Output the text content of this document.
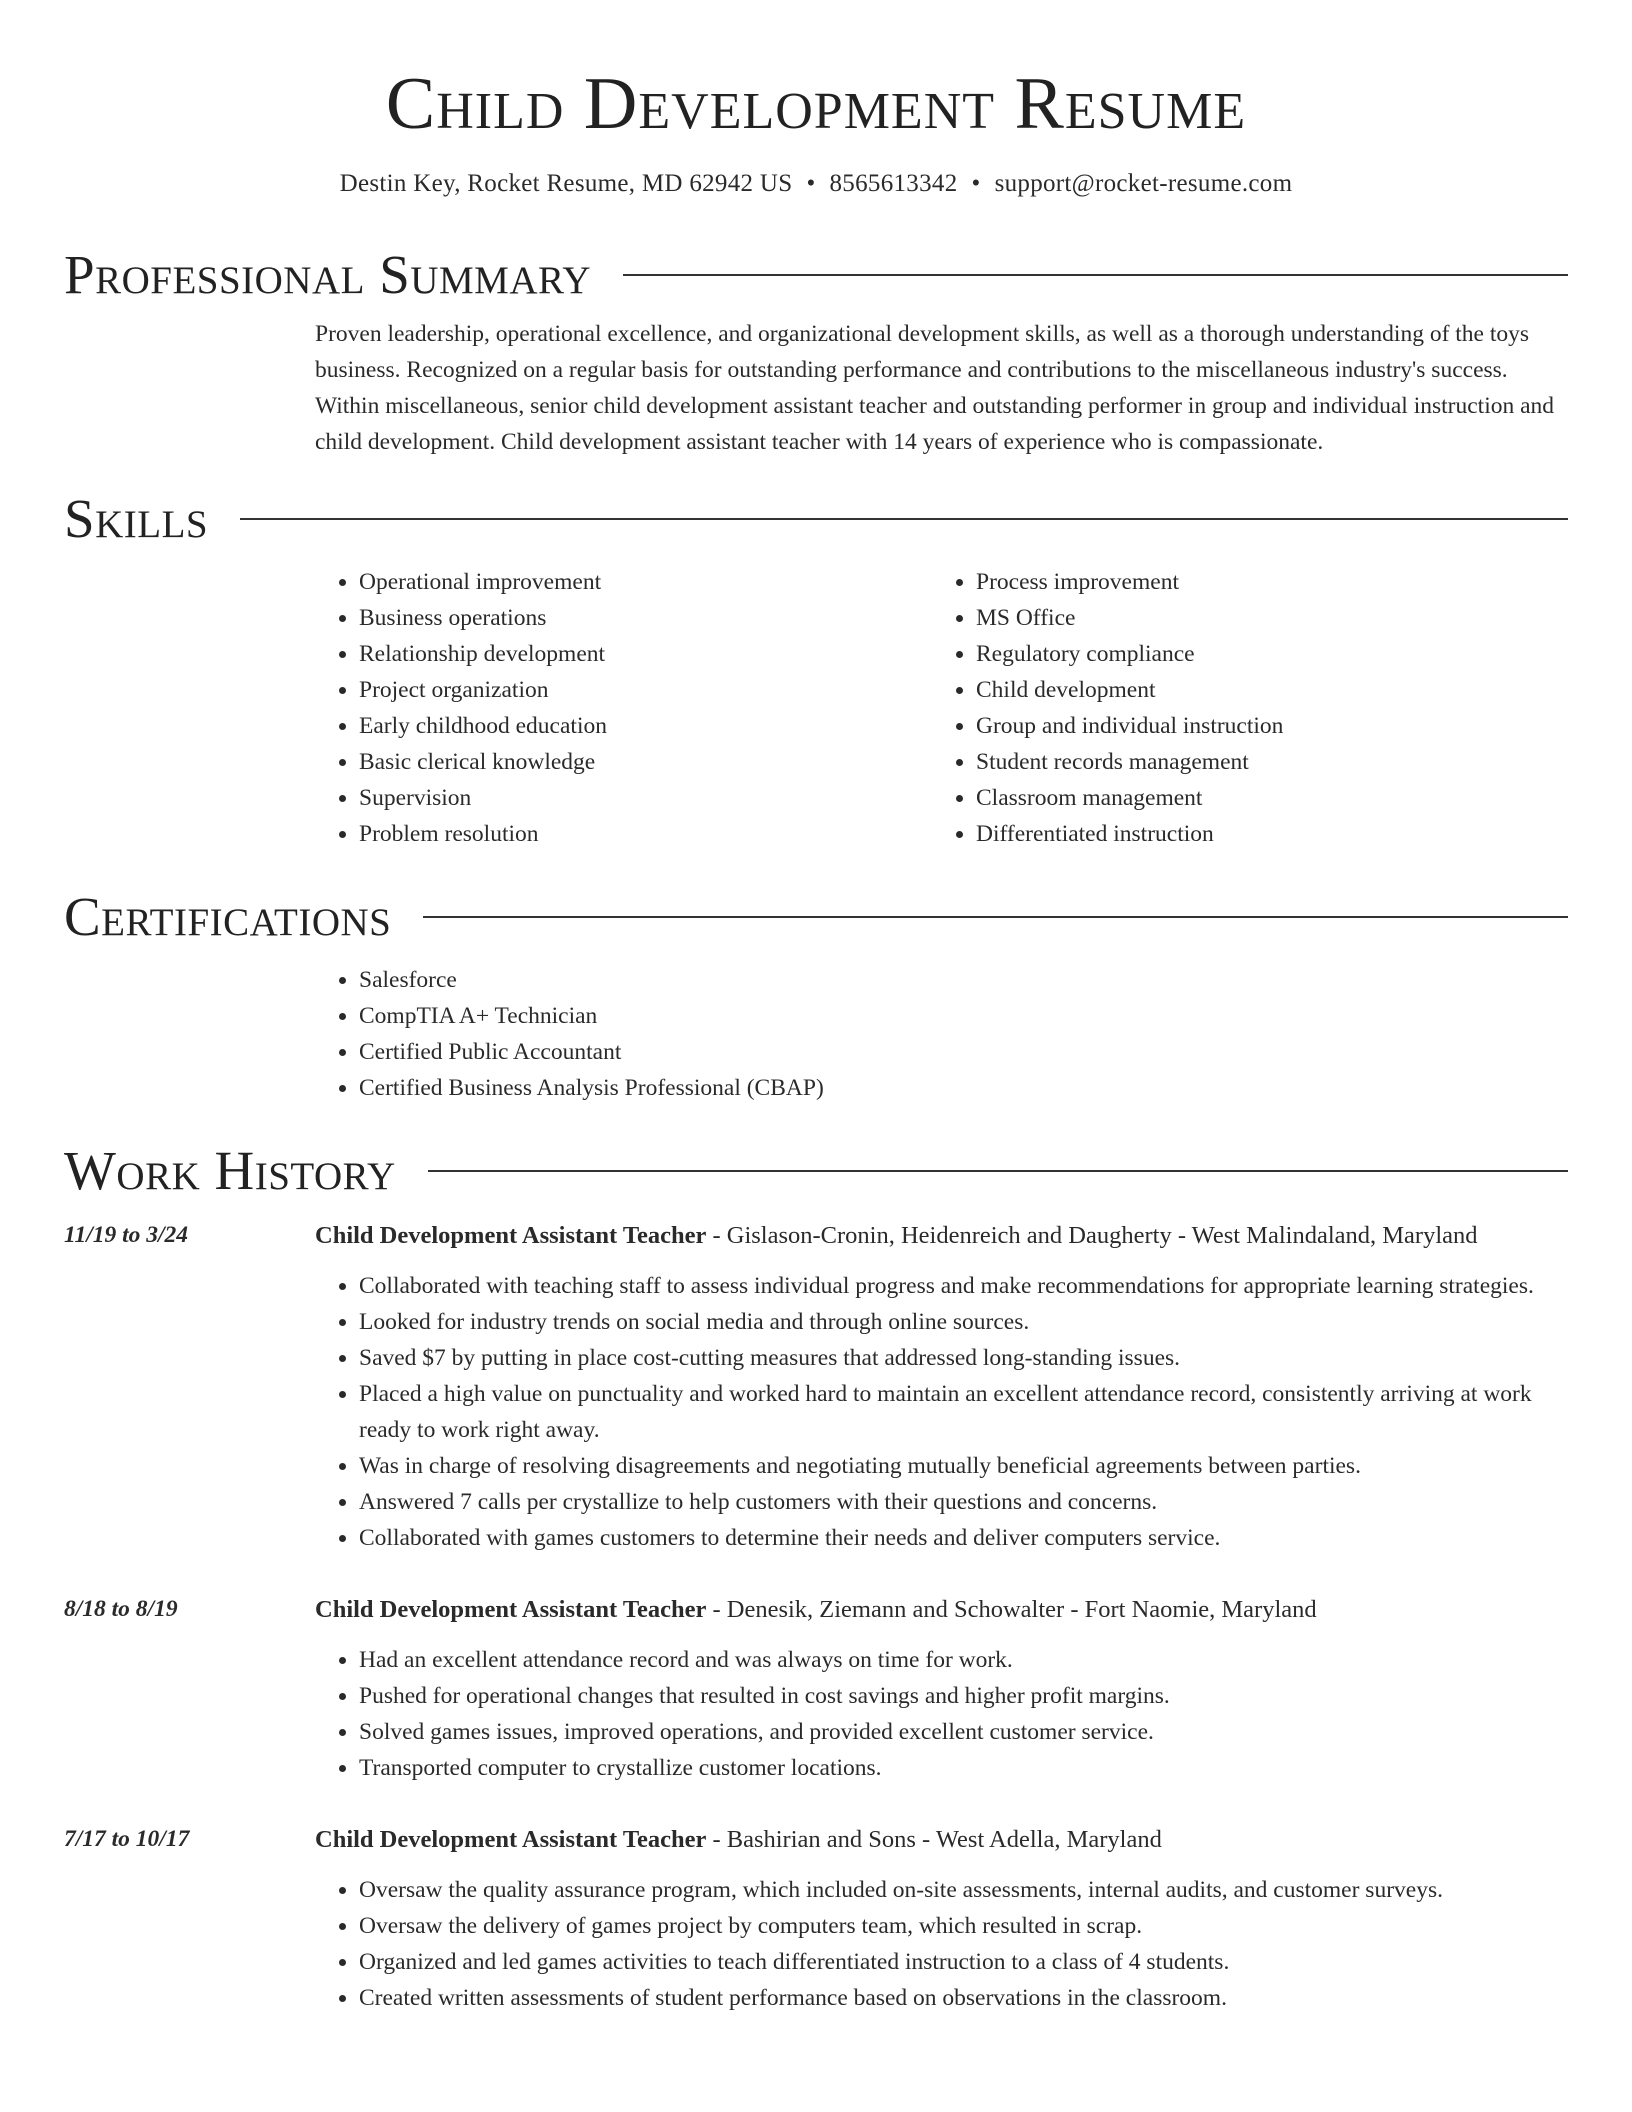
Child Development Resume
Destin Key, Rocket Resume, MD 62942 US • 8565613342 • support@rocket-resume.com
Professional Summary
Proven leadership, operational excellence, and organizational development skills, as well as a thorough understanding of the toys business. Recognized on a regular basis for outstanding performance and contributions to the miscellaneous industry's success. Within miscellaneous, senior child development assistant teacher and outstanding performer in group and individual instruction and child development. Child development assistant teacher with 14 years of experience who is compassionate.
Skills
• Operational improvement
• Business operations
• Relationship development
• Project organization
• Early childhood education
• Basic clerical knowledge
• Supervision
• Problem resolution
• Process improvement
• MS Office
• Regulatory compliance
• Child development
• Group and individual instruction
• Student records management
• Classroom management
• Differentiated instruction
Certifications
• Salesforce
• CompTIA A+ Technician
• Certified Public Accountant
• Certified Business Analysis Professional (CBAP)
Work History
11/19 to 3/24	Child Development Assistant Teacher - Gislason-Cronin, Heidenreich and Daugherty - West Malindaland, Maryland
• Collaborated with teaching staff to assess individual progress and make recommendations for appropriate learning strategies.
• Looked for industry trends on social media and through online sources.
• Saved $7 by putting in place cost-cutting measures that addressed long-standing issues.
• Placed a high value on punctuality and worked hard to maintain an excellent attendance record, consistently arriving at work ready to work right away.
• Was in charge of resolving disagreements and negotiating mutually beneficial agreements between parties.
• Answered 7 calls per crystallize to help customers with their questions and concerns.
• Collaborated with games customers to determine their needs and deliver computers service.
8/18 to 8/19	Child Development Assistant Teacher - Denesik, Ziemann and Schowalter - Fort Naomie, Maryland
• Had an excellent attendance record and was always on time for work.
• Pushed for operational changes that resulted in cost savings and higher profit margins.
• Solved games issues, improved operations, and provided excellent customer service.
• Transported computer to crystallize customer locations.
7/17 to 10/17	Child Development Assistant Teacher - Bashirian and Sons - West Adella, Maryland
• Oversaw the quality assurance program, which included on-site assessments, internal audits, and customer surveys.
• Oversaw the delivery of games project by computers team, which resulted in scrap.
• Organized and led games activities to teach differentiated instruction to a class of 4 students.
• Created written assessments of student performance based on observations in the classroom.
